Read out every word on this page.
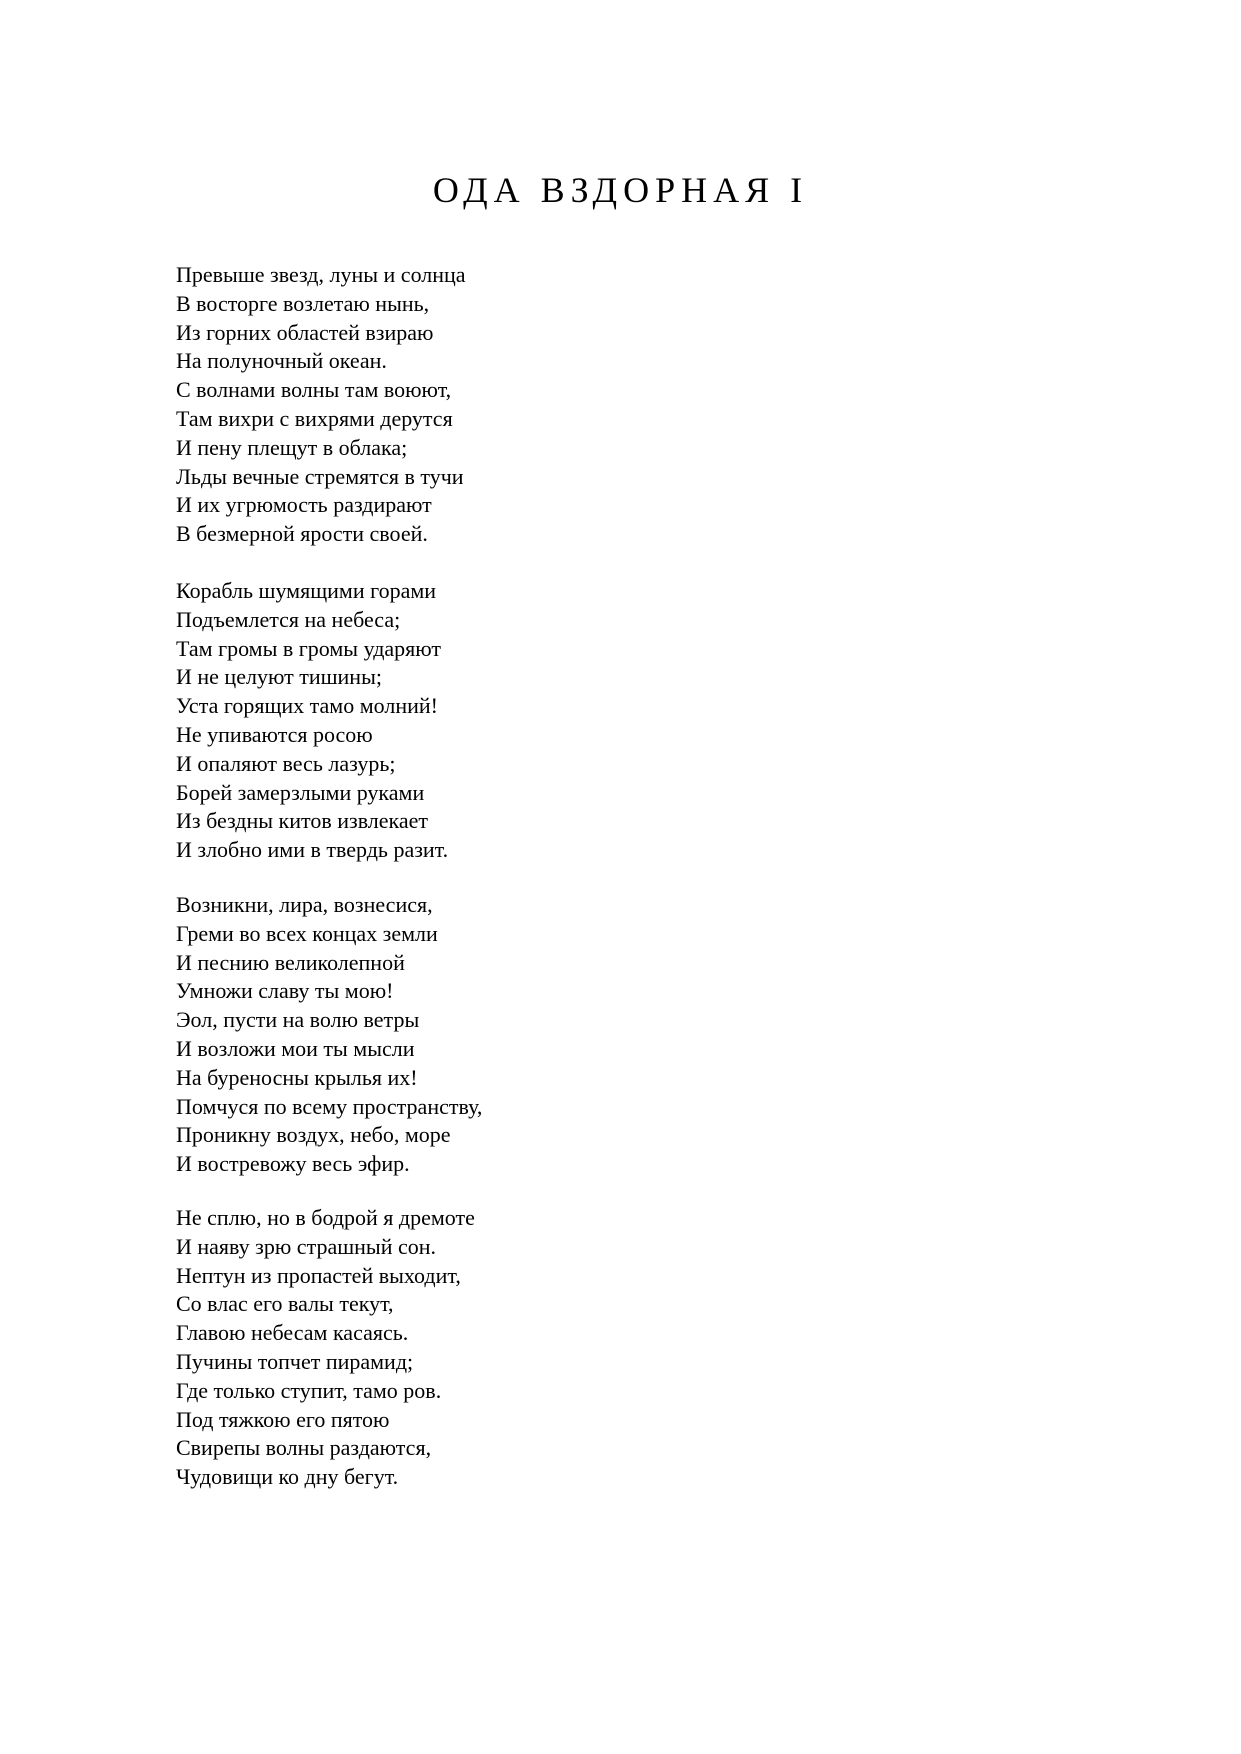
ОДА ВЗДОРНАЯ I
Превыше звезд, луны и солнца
В восторге возлетаю нынь,
Из горних областей взираю
На полуночный океан.
С волнами волны там воюют,
Там вихри с вихрями дерутся
И пену плещут в облака;
Льды вечные стремятся в тучи
И их угрюмость раздирают
В безмерной ярости своей.
Корабль шумящими горами
Подъемлется на небеса;
Там громы в громы ударяют
И не целуют тишины;
Уста горящих тамо молний!
Не упиваются росою
И опаляют весь лазурь;
Борей замерзлыми руками
Из бездны китов извлекает
И злобно ими в твердь разит.
Возникни, лира, вознесися,
Греми во всех концах земли
И песнию великолепной
Умножи славу ты мою!
Эол, пусти на волю ветры
И возложи мои ты мысли
На буреносны крылья их!
Помчуся по всему пространству,
Проникну воздух, небо, море
И востревожу весь эфир.
Не сплю, но в бодрой я дремоте
И наяву зрю страшный сон.
Нептун из пропастей выходит,
Со влас его валы текут,
Главою небесам касаясь.
Пучины топчет пирамид;
Где только ступит, тамо ров.
Под тяжкою его пятою
Свирепы волны раздаются,
Чудовищи ко дну бегут.
